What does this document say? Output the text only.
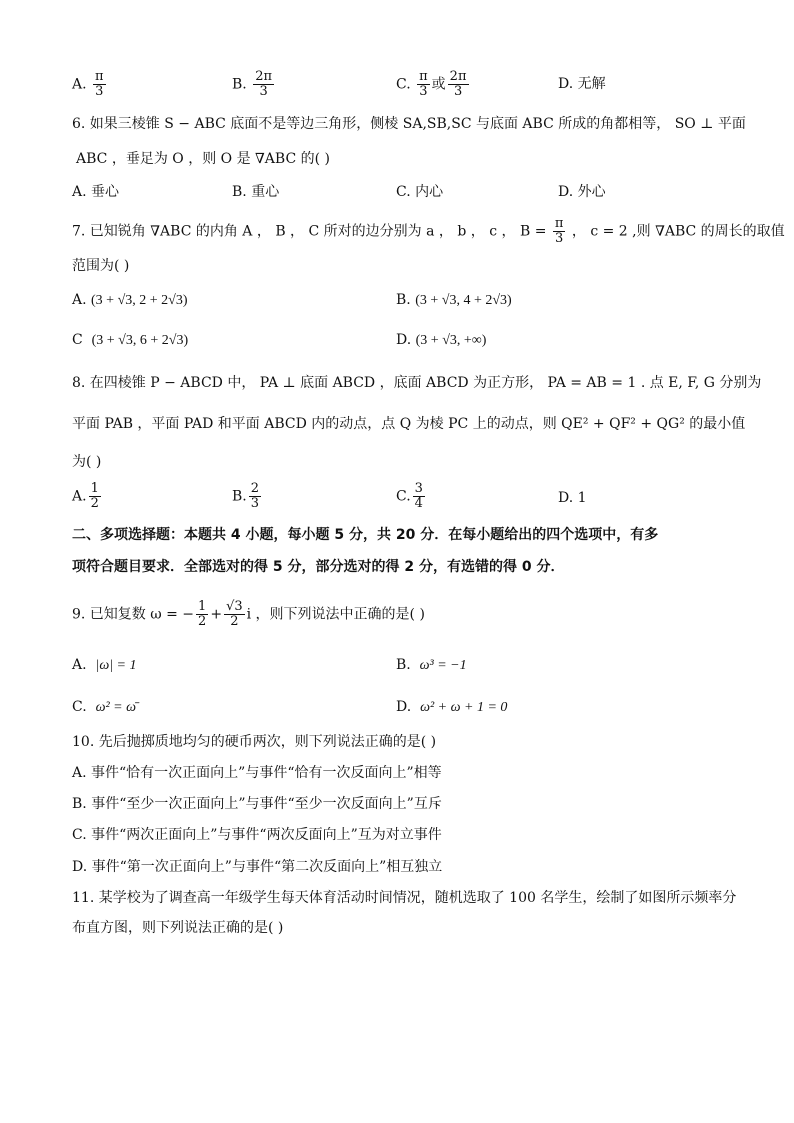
A. $\frac{\pi}{3}$	B. $\frac{2\pi}{3}$	C. $\frac{\pi}{3}$ 或 $\frac{2\pi}{3}$	D. 无解
6. 如果三棱锥 S − ABC 底面不是等边三角形，侧棱 SA,SB,SC 与底面 ABC 所成的角都相等， SO ⊥ 平面
ABC ，垂足为 O ，则 O 是 ∇ABC 的( )
A. 垂心	B. 重心	C. 内心	D. 外心
7. 已知锐角 ∇ABC 的内角 A ， B ， C 所对的边分别为 a ， b ， c ， $B = \frac{\pi}{3}$ ， c = 2 ,则 ∇ABC 的周长的取值
范围为( )
A. (3 + √3, 2 + 2√3)	B. (3 + √3, 4 + 2√3)
C (3 + √3, 6 + 2√3)	D. (3 + √3, +∞)
8. 在四棱锥 P − ABCD 中， PA ⊥ 底面 ABCD ，底面 ABCD 为正方形， PA = AB = 1 . 点 E, F, G 分别为
平面 PAB ，平面 PAD 和平面 ABCD 内的动点，点 Q 为棱 PC 上的动点，则 QE² + QF² + QG² 的最小值
为( )
A. $\frac{1}{2}$	B. $\frac{2}{3}$	C. $\frac{3}{4}$	D. 1
二、多项选择题：本题共 4 小题，每小题 5 分，共 20 分．在每小题给出的四个选项中，有多
项符合题目要求．全部选对的得 5 分，部分选对的得 2 分，有选错的得 0 分．
9. 已知复数 ω = − $\frac{1}{2} + \frac{√3}{2}$ i ，则下列说法中正确的是( )
A. |ω| = 1	B. ω³ = −1
C. ω² = ω̄	D. ω² + ω + 1 = 0
10. 先后抛掷质地均匀的硬币两次，则下列说法正确的是( )
A. 事件“恰有一次正面向上”与事件“恰有一次反面向上”相等
B. 事件“至少一次正面向上”与事件“至少一次反面向上”互斥
C. 事件“两次正面向上”与事件“两次反面向上”互为对立事件
D. 事件“第一次正面向上”与事件“第二次反面向上”相互独立
11. 某学校为了调查高一年级学生每天体育活动时间情况，随机选取了 100 名学生，绘制了如图所示频率分
布直方图，则下列说法正确的是( )
